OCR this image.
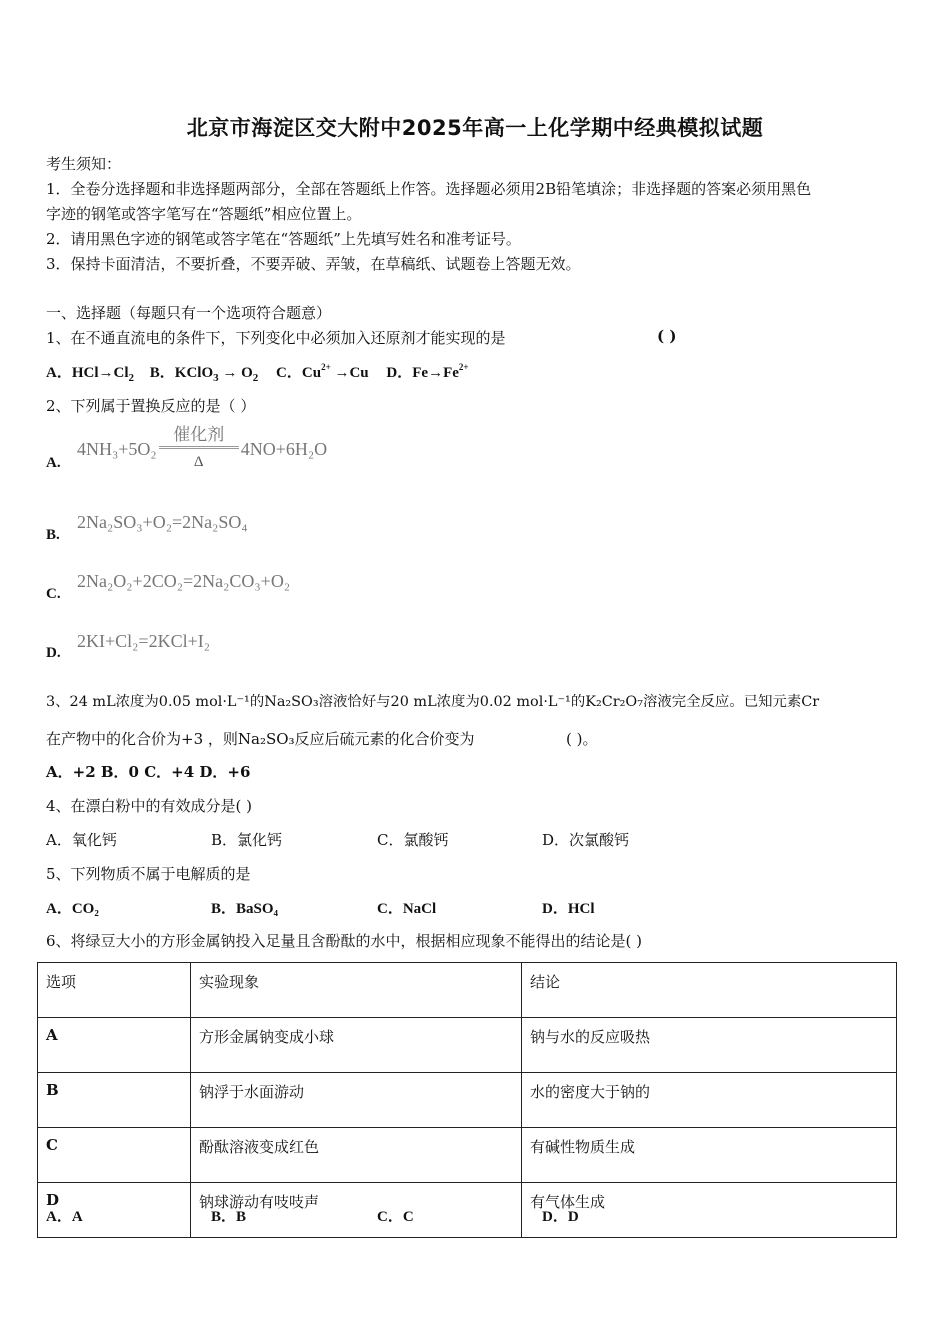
北京市海淀区交大附中2025年高一上化学期中经典模拟试题
考生须知：
1．全卷分选择题和非选择题两部分，全部在答题纸上作答。选择题必须用2B铅笔填涂；非选择题的答案必须用黑色
字迹的钢笔或答字笔写在“答题纸”相应位置上。
2．请用黑色字迹的钢笔或答字笔在“答题纸”上先填写姓名和准考证号。
3．保持卡面清洁，不要折叠，不要弄破、弄皱，在草稿纸、试题卷上答题无效。
一、选择题（每题只有一个选项符合题意）
1、在不通直流电的条件下，下列变化中必须加入还原剂才能实现的是	( )
A．$HCl\to Cl_2$ B．KClO$_3$ → $O_2$ C．$Cu^{2+} \to Cu$ D．$Fe\to Fe^{2+}$
2、下列属于置换反应的是（ ）
A.
$4NH_3+5O_2 \frac{\text{催化剂}}{\Delta} 4NO+6H_2O$
B.
2Na₂SO₃+O₂=2Na₂SO₄
C.
2Na₂O₂+2CO₂=2Na₂CO₃+O₂
D.
2KI+Cl₂=2KCl+I₂
3、24 mL浓度为0.05 mol·L⁻¹的Na₂SO₃溶液恰好与20 mL浓度为0.02 mol·L⁻¹的K₂Cr₂O₇溶液完全反应。已知元素Cr
在产物中的化合价为+3 ，则Na₂SO₃反应后硫元素的化合价变为	( )。
A．+2 B．0 C．+4 D．+6
4、在漂白粉中的有效成分是( )
A．氧化钙	B．氯化钙	C．氯酸钙	D．次氯酸钙
5、下列物质不属于电解质的是
A．CO₂	B．BaSO₄	C．NaCl	D．HCl
6、将绿豆大小的方形金属钠投入足量且含酚酞的水中，根据相应现象不能得出的结论是( )
选项	实验现象	结论
A	方形金属钠变成小球	钠与水的反应吸热
B	钠浮于水面游动	水的密度大于钠的
C	酚酞溶液变成红色	有碱性物质生成
D	钠球游动有吱吱声	有气体生成
A．A	B．B	C．C	D．D
